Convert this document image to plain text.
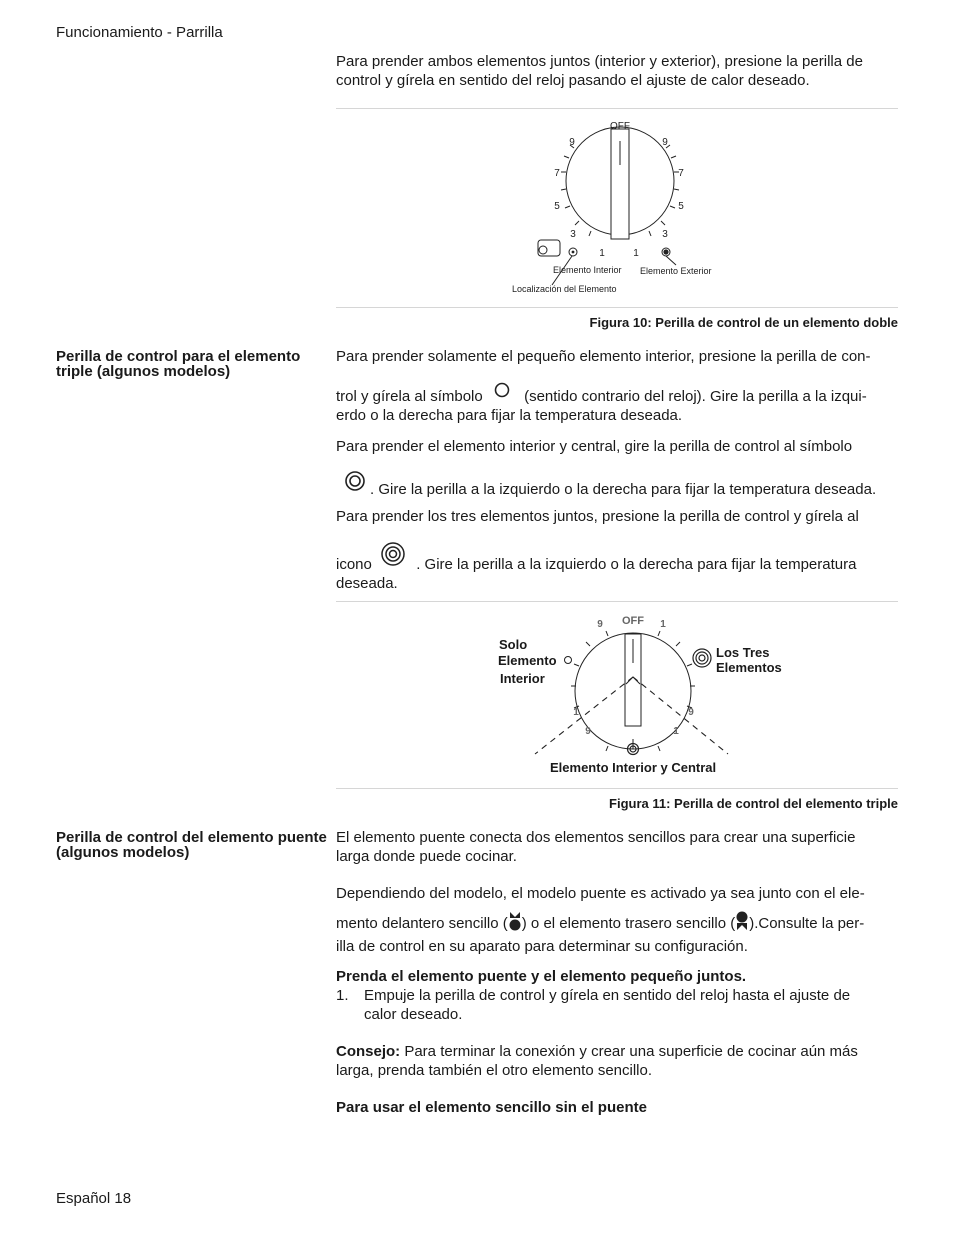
Funcionamiento - Parrilla
Para prender ambos elementos juntos (interior y exterior), presione la perilla de control y gírela en sentido del reloj pasando el ajuste de calor deseado.
OFF
9
7
5
3
1	1
3
5
7
9
Elemento Interior Elemento Exterior
Localización del Elemento
Figura 10: Perilla de control de un elemento doble
Perilla de control para el elemento
triple (algunos modelos)
Para prender solamente el pequeño elemento interior, presione la perilla de con-
trol y gírela al símbolo	(sentido contrario del reloj). Gire la perilla a la izqui-
erdo o la derecha para fijar la temperatura deseada.
Para prender el elemento interior y central, gire la perilla de control al símbolo
. Gire la perilla a la izquierdo o la derecha para fijar la temperatura deseada.
Para prender los tres elementos juntos, presione la perilla de control y gírela al
icono	. Gire la perilla a la izquierdo o la derecha para fijar la temperatura
deseada.
OFF
9	1
1	9
9	1
Solo
Elemento
Interior
Los Tres
Elementos
Elemento Interior y Central
Figura 11: Perilla de control del elemento triple
Perilla de control del elemento puente
(algunos modelos)
El elemento puente conecta dos elementos sencillos para crear una superficie
larga donde puede cocinar.
Dependiendo del modelo, el modelo puente es activado ya sea junto con el ele-
mento delantero sencillo ( ) o el elemento trasero sencillo ( ).Consulte la per-
illa de control en su aparato para determinar su configuración.
Prenda el elemento puente y el elemento pequeño juntos.
1. Empuje la perilla de control y gírela en sentido del reloj hasta el ajuste de
calor deseado.
Consejo: Para terminar la conexión y crear una superficie de cocinar aún más
larga, prenda también el otro elemento sencillo.
Para usar el elemento sencillo sin el puente
Español 18
